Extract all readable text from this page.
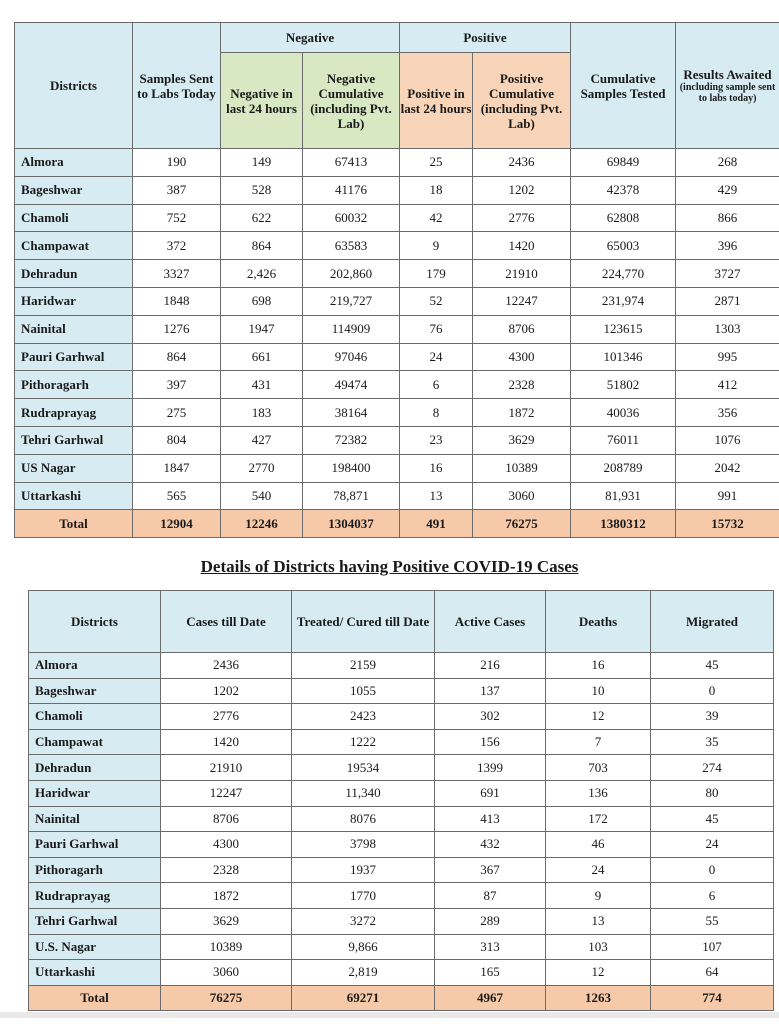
Districts	Samples Sent to Labs Today	Negative		Positive		Cumulative Samples Tested	Results Awaited
(including sample sent to labs today)

		Negative in last 24 hours	Negative Cumulative (including Pvt. Lab)	Positive in last 24 hours	Positive Cumulative (including Pvt. Lab)		
Almora	190	149	67413	25	2436	69849	268
Bageshwar	387	528	41176	18	1202	42378	429
Chamoli	752	622	60032	42	2776	62808	866
Champawat	372	864	63583	9	1420	65003	396
Dehradun	3327	2,426	202,860	179	21910	224,770	3727
Haridwar	1848	698	219,727	52	12247	231,974	2871
Nainital	1276	1947	114909	76	8706	123615	1303
Pauri Garhwal	864	661	97046	24	4300	101346	995
Pithoragarh	397	431	49474	6	2328	51802	412
Rudraprayag	275	183	38164	8	1872	40036	356
Tehri Garhwal	804	427	72382	23	3629	76011	1076
US Nagar	1847	2770	198400	16	10389	208789	2042
Uttarkashi	565	540	78,871	13	3060	81,931	991
Total	12904	12246	1304037	491	76275	1380312	15732
Details of Districts having Positive COVID-19 Cases
Districts	Cases till Date	Treated/ Cured till Date	Active Cases	Deaths	Migrated
Almora	2436	2159	216	16	45
Bageshwar	1202	1055	137	10	0
Chamoli	2776	2423	302	12	39
Champawat	1420	1222	156	7	35
Dehradun	21910	19534	1399	703	274
Haridwar	12247	11,340	691	136	80
Nainital	8706	8076	413	172	45
Pauri Garhwal	4300	3798	432	46	24
Pithoragarh	2328	1937	367	24	0
Rudraprayag	1872	1770	87	9	6
Tehri Garhwal	3629	3272	289	13	55
U.S. Nagar	10389	9,866	313	103	107
Uttarkashi	3060	2,819	165	12	64
Total	76275	69271	4967	1263	774
